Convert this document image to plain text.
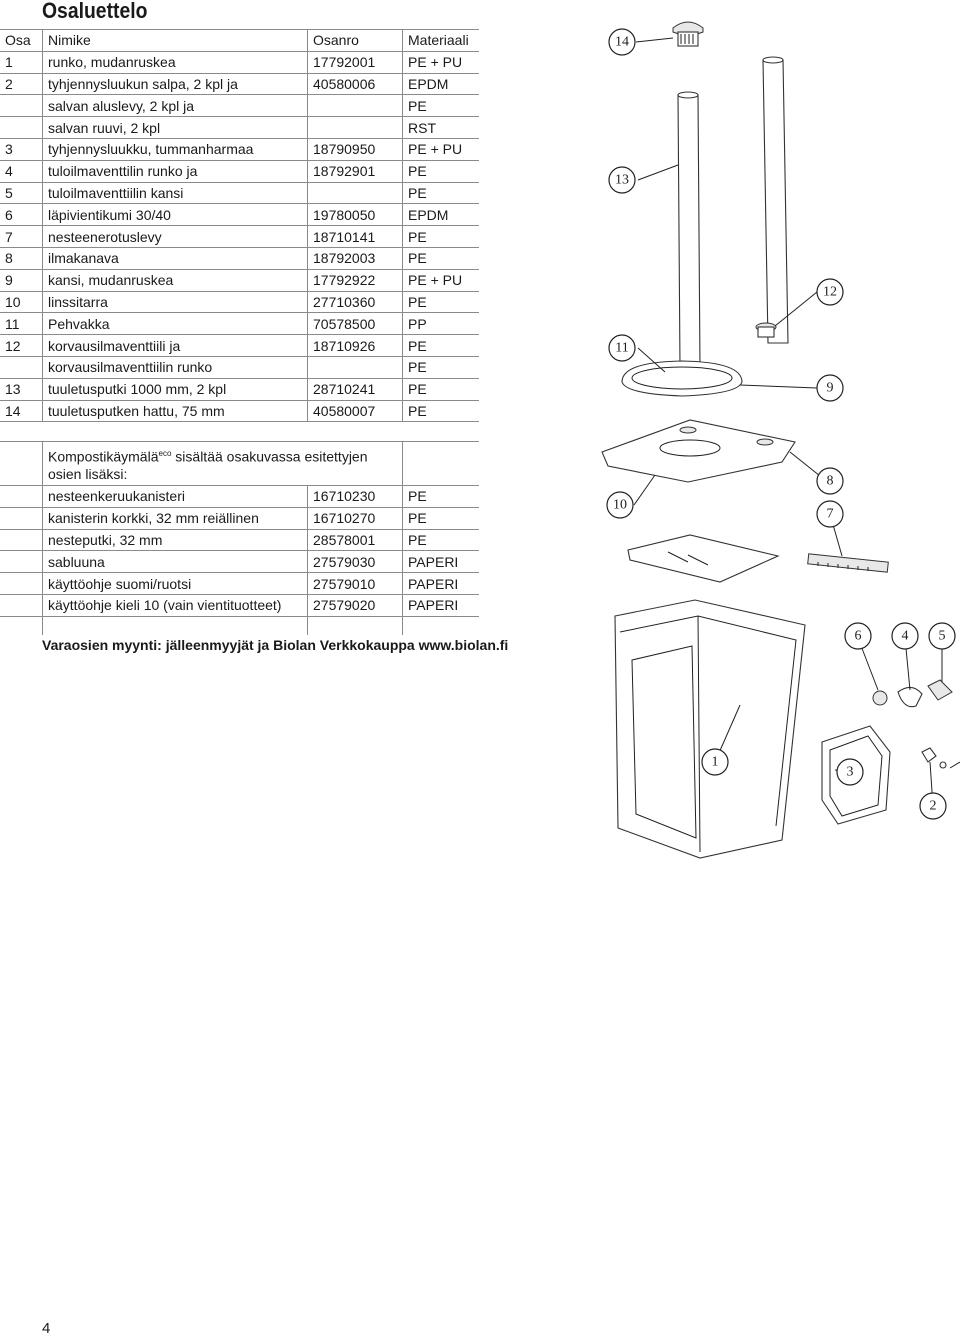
Osaluettelo
Osa	Nimike	Osanro	Materiaali
1	runko, mudanruskea	17792001	PE + PU
2	tyhjennysluukun salpa, 2 kpl ja	40580006	EPDM
	salvan aluslevy, 2 kpl ja		PE
	salvan ruuvi, 2 kpl		RST
3	tyhjennysluukku, tummanharmaa	18790950	PE + PU
4	tuloilmaventtilin runko ja	18792901	PE
5	tuloilmaventtiilin kansi		PE
6	läpivientikumi 30/40	19780050	EPDM
7	nesteenerotuslevy	18710141	PE
8	ilmakanava	18792003	PE
9	kansi, mudanruskea	17792922	PE + PU
10	linssitarra	27710360	PE
11	Pehvakka	70578500	PP
12	korvausilmaventtiili ja	18710926	PE
	korvausilmaventtiilin runko		PE
13	tuuletusputki 1000 mm, 2 kpl	28710241	PE
14	tuuletusputken hattu, 75 mm	40580007	PE
	Kompostikäymälä$^{eco}$ sisältää osakuvassa esitettyjen osien lisäksi:		
	nesteenkeruukanisteri	16710230	PE
	kanisterin korkki, 32 mm reiällinen	16710270	PE
	nesteputki, 32 mm	28578001	PE
	sabluuna	27579030	PAPERI
	käyttöohje suomi/ruotsi	27579010	PAPERI
	käyttöohje kieli 10 (vain vientituotteet)	27579020	PAPERI

Varaosien myynti: jälleenmyyjät ja Biolan Verkkokauppa www.biolan.fi
4
14
13
12
11
9
10
8
7
6	4 5
1
3
2
